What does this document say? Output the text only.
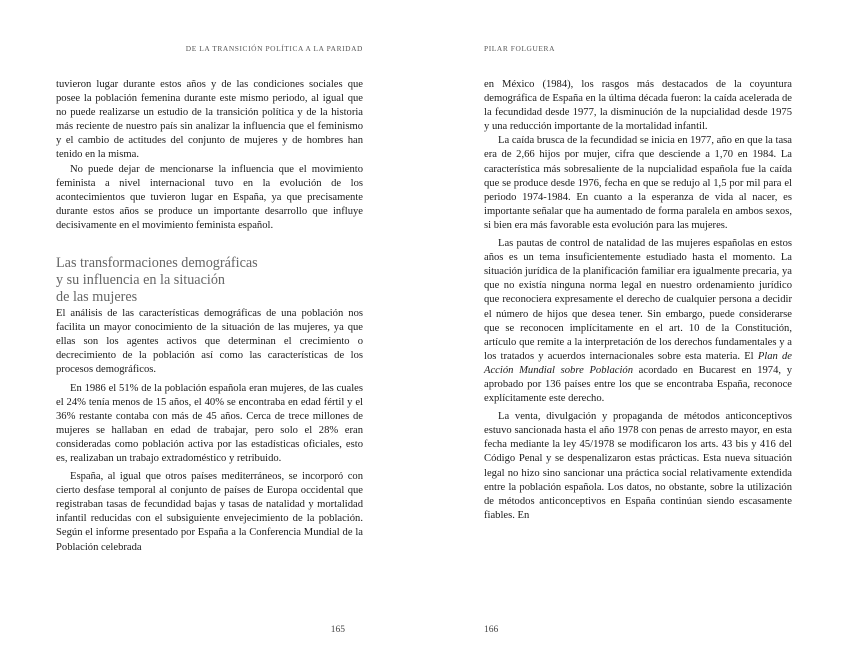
DE LA TRANSICIÓN POLÍTICA A LA PARIDAD

tuvieron lugar durante estos años y de las condiciones sociales que posee la población femenina durante este mismo periodo, al igual que no puede realizarse un estudio de la transición política y de la historia más reciente de nuestro país sin analizar la influencia que el feminismo y el cambio de actitudes del conjunto de mujeres y de hombres han tenido en la misma.

No puede dejar de mencionarse la influencia que el movimiento feminista a nivel internacional tuvo en la evolución de los acontecimientos que tuvieron lugar en España, ya que precisamente durante estos años se produce un importante desarrollo que influye decisivamente en el movimiento feminista español.

Las transformaciones demográficas
y su influencia en la situación
de las mujeres

El análisis de las características demográficas de una población nos facilita un mayor conocimiento de la situación de las mujeres, ya que ellas son los agentes activos que determinan el crecimiento o decrecimiento de la población así como las características de los procesos demográficos.

En 1986 el 51% de la población española eran mujeres, de las cuales el 24% tenía menos de 15 años, el 40% se encontraba en edad fértil y el 36% restante contaba con más de 45 años. Cerca de trece millones de mujeres se hallaban en edad de trabajar, pero solo el 28% eran consideradas como población activa por las estadísticas oficiales, esto es, realizaban un trabajo extradoméstico y retribuido.

España, al igual que otros países mediterráneos, se incorporó con cierto desfase temporal al conjunto de países de Europa occidental que registraban tasas de fecundidad bajas y tasas de natalidad y mortalidad infantil reducidas con el subsiguiente envejecimiento de la población. Según el informe presentado por España a la Conferencia Mundial de la Población celebrada

165
PILAR FOLGUERA

en México (1984), los rasgos más destacados de la coyuntura demográfica de España en la última década fueron: la caída acelerada de la fecundidad desde 1977, la disminución de la nupcialidad desde 1975 y una reducción importante de la mortalidad infantil.

La caída brusca de la fecundidad se inicia en 1977, año en que la tasa era de 2,66 hijos por mujer, cifra que desciende a 1,70 en 1984. La característica más sobresaliente de la nupcialidad española fue la caída que se produce desde 1976, fecha en que se redujo al 1,5 por mil para el periodo 1974-1984. En cuanto a la esperanza de vida al nacer, es importante señalar que ha aumentado de forma paralela en ambos sexos, si bien era más favorable esta evolución para las mujeres.

Las pautas de control de natalidad de las mujeres españolas en estos años es un tema insuficientemente estudiado hasta el momento. La situación jurídica de la planificación familiar era igualmente precaria, ya que no existía ninguna norma legal en nuestro ordenamiento jurídico que reconociera expresamente el derecho de cualquier persona a decidir el número de hijos que desea tener. Sin embargo, puede considerarse que se reconocen implícitamente en el art. 10 de la Constitución, artículo que remite a la interpretación de los derechos fundamentales y a los tratados y acuerdos internacionales sobre esta materia. El Plan de Acción Mundial sobre Población acordado en Bucarest en 1974, y aprobado por 136 países entre los que se encontraba España, reconoce explícitamente este derecho.

La venta, divulgación y propaganda de métodos anticonceptivos estuvo sancionada hasta el año 1978 con penas de arresto mayor, en esta fecha mediante la ley 45/1978 se modificaron los arts. 43 bis y 416 del Código Penal y se despenalizaron estas prácticas. Esta nueva situación legal no hizo sino sancionar una práctica social relativamente extendida entre la población española. Los datos, no obstante, sobre la utilización de métodos anticonceptivos en España continúan siendo escasamente fiables. En

166
